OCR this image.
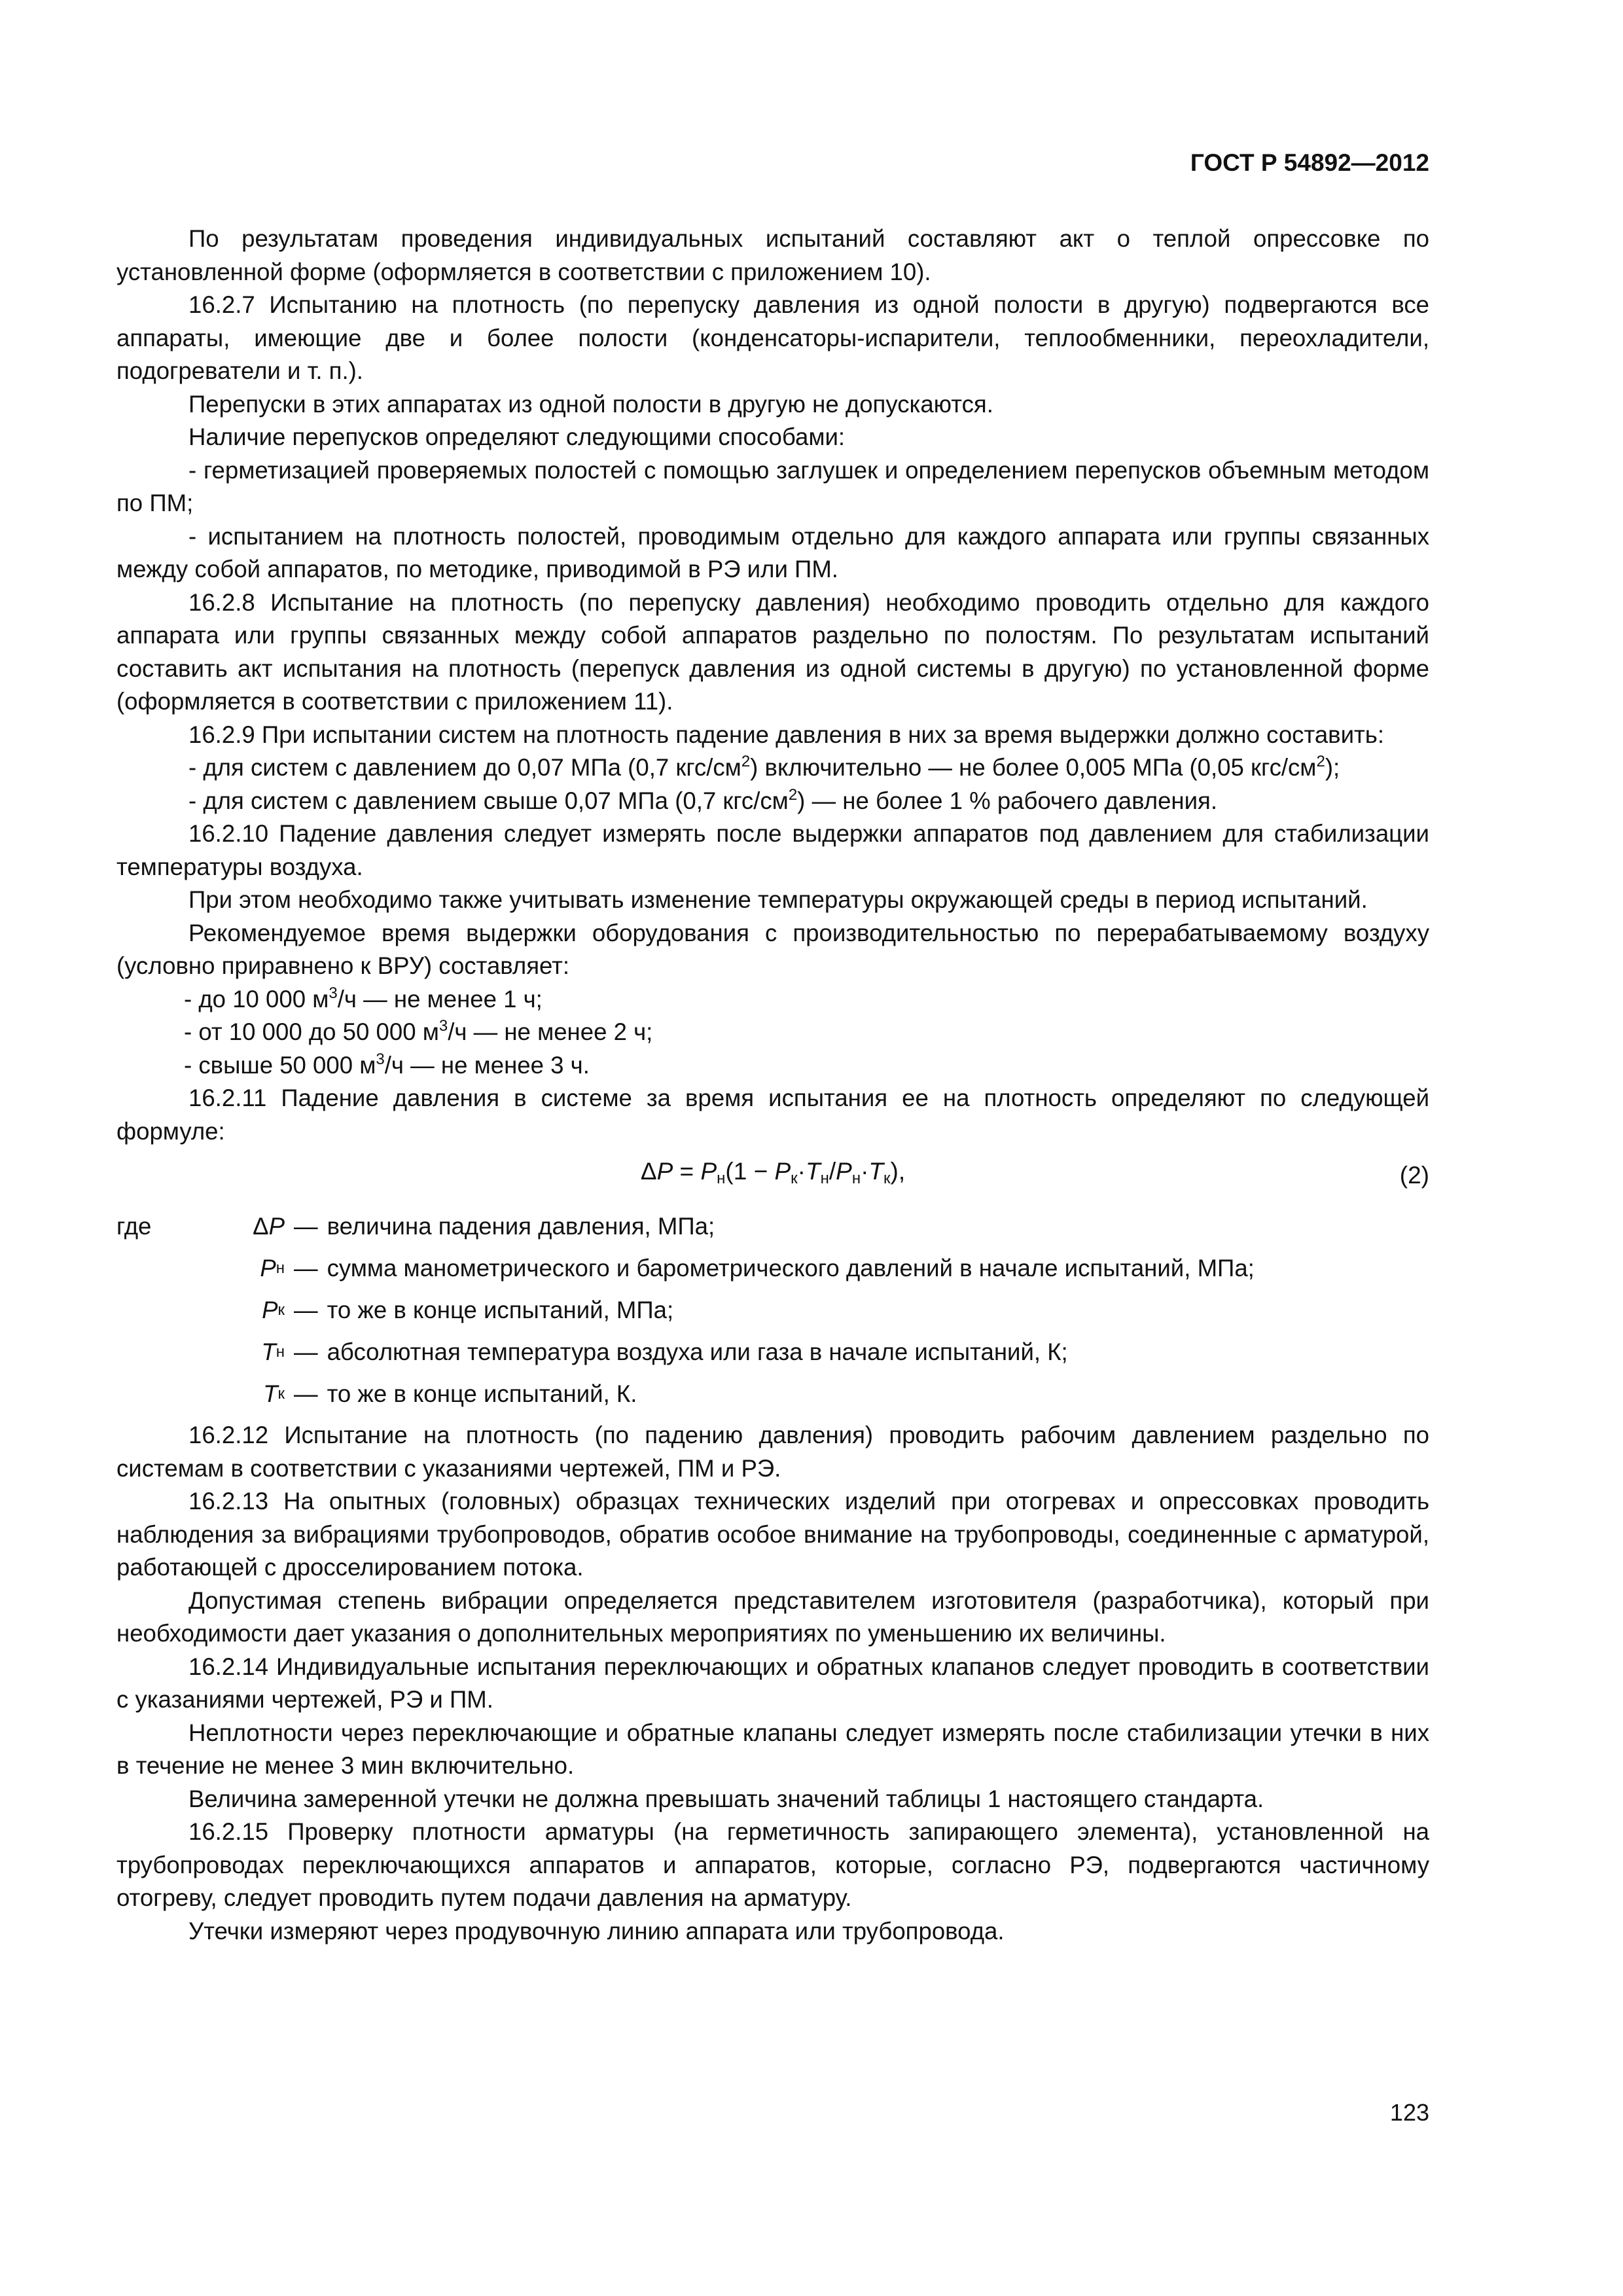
ГОСТ Р 54892—2012

По результатам проведения индивидуальных испытаний составляют акт о теплой опрессовке по установленной форме (оформляется в соответствии с приложением 10).

16.2.7 Испытанию на плотность (по перепуску давления из одной полости в другую) подвергаются все аппараты, имеющие две и более полости (конденсаторы-испарители, теплообменники, переохладители, подогреватели и т. п.).

Перепуски в этих аппаратах из одной полости в другую не допускаются.

Наличие перепусков определяют следующими способами:

- герметизацией проверяемых полостей с помощью заглушек и определением перепусков объемным методом по ПМ;

- испытанием на плотность полостей, проводимым отдельно для каждого аппарата или группы связанных между собой аппаратов, по методике, приводимой в РЭ или ПМ.

16.2.8 Испытание на плотность (по перепуску давления) необходимо проводить отдельно для каждого аппарата или группы связанных между собой аппаратов раздельно по полостям. По результатам испытаний составить акт испытания на плотность (перепуск давления из одной системы в другую) по установленной форме (оформляется в соответствии с приложением 11).

16.2.9 При испытании систем на плотность падение давления в них за время выдержки должно составить:

- для систем с давлением до 0,07 МПа (0,7 кгс/$см^2$) включительно — не более 0,005 МПа (0,05 кгс/$см^2$);

- для систем с давлением свыше 0,07 МПа (0,7 кгс/$см^2$) — не более 1 % рабочего давления.

16.2.10 Падение давления следует измерять после выдержки аппаратов под давлением для стабилизации температуры воздуха.

При этом необходимо также учитывать изменение температуры окружающей среды в период испытаний.

Рекомендуемое время выдержки оборудования с производительностью по перерабатываемому воздуху (условно приравнено к ВРУ) составляет:

- до 10 000 $м^3/ч$ — не менее 1 ч;

- от 10 000 до 50 000 $м^3/ч$ — не менее 2 ч;

- свыше 50 000 $м^3/ч$ — не менее 3 ч.

16.2.11 Падение давления в системе за время испытания ее на плотность определяют по следующей формуле:

$\Delta P = P_н(1 - P_к\cdot T_н/P_н\cdot T_к)$,	(2)
где	Δ P — величина падения давления, МПа;
P н — сумма манометрического и барометрического давлений в начале испытаний, МПа;
P к — то же в конце испытаний, МПа;
T н — абсолютная температура воздуха или газа в начале испытаний, К;
T к — то же в конце испытаний, К.

16.2.12 Испытание на плотность (по падению давления) проводить рабочим давлением раздельно по системам в соответствии с указаниями чертежей, ПМ и РЭ.

16.2.13 На опытных (головных) образцах технических изделий при отогревах и опрессовках проводить наблюдения за вибрациями трубопроводов, обратив особое внимание на трубопроводы, соединенные с арматурой, работающей с дросселированием потока.

Допустимая степень вибрации определяется представителем изготовителя (разработчика), который при необходимости дает указания о дополнительных мероприятиях по уменьшению их величины.

16.2.14 Индивидуальные испытания переключающих и обратных клапанов следует проводить в соответствии с указаниями чертежей, РЭ и ПМ.

Неплотности через переключающие и обратные клапаны следует измерять после стабилизации утечки в них в течение не менее 3 мин включительно.

Величина замеренной утечки не должна превышать значений таблицы 1 настоящего стандарта.

16.2.15 Проверку плотности арматуры (на герметичность запирающего элемента), установленной на трубопроводах переключающихся аппаратов и аппаратов, которые, согласно РЭ, подвергаются частичному отогреву, следует проводить путем подачи давления на арматуру.

Утечки измеряют через продувочную линию аппарата или трубопровода.

123
